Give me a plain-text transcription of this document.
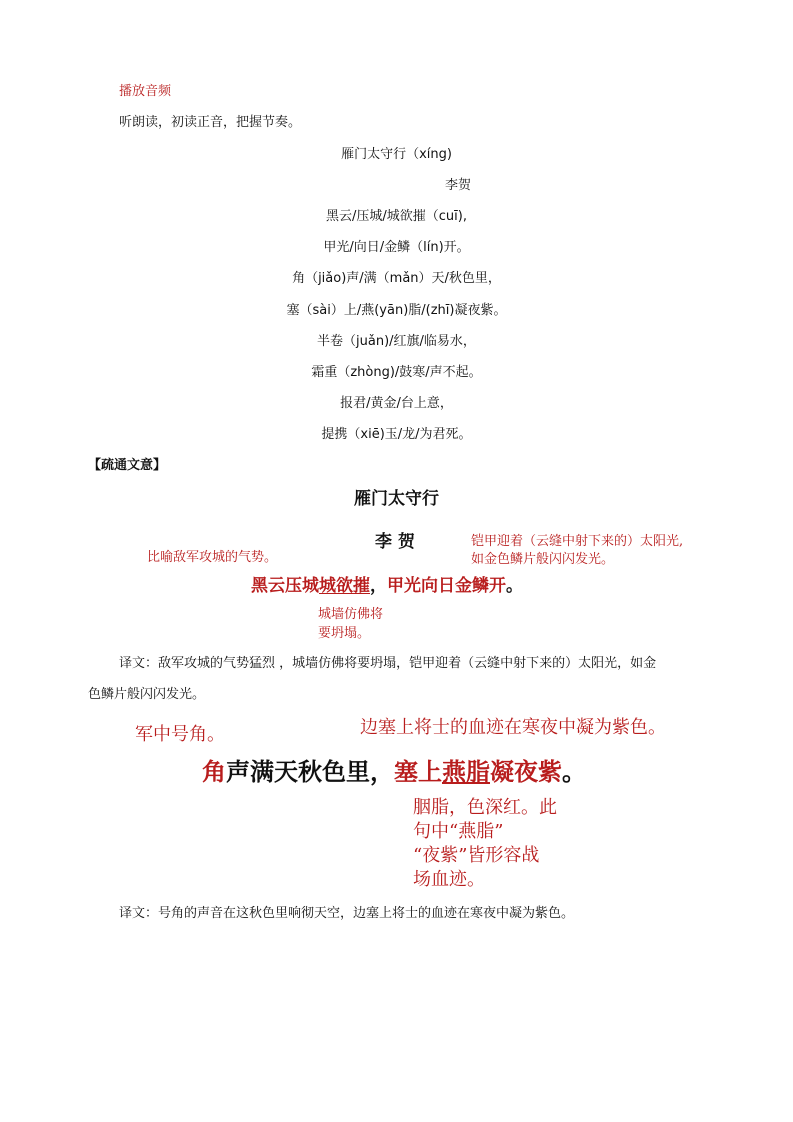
播放音频
听朗读，初读正音，把握节奏。
雁门太守行（xíng)
李贺
黑云/压城/城欲摧（cuī),
甲光/向日/金鳞（lín)开。
角（jiǎo)声/满（mǎn）天/秋色里，
塞（sài）上/燕(yān)脂/(zhī)凝夜紫。
半卷（juǎn)/红旗/临易水，
霜重（zhòng)/鼓寒/声不起。
报君/黄金/台上意，
提携（xiē)玉/龙/为君死。
【疏通文意】
雁门太守行
李 贺
比喻敌军攻城的气势。
铠甲迎着（云缝中射下来的）太阳光,
如金色鳞片般闪闪发光。
黑云压城城欲摧，甲光向日金鳞开。
城墙仿佛将
要坍塌。
译文：敌军攻城的气势猛烈 ，城墙仿佛将要坍塌，铠甲迎着（云缝中射下来的）太阳光，如金
色鳞片般闪闪发光。
军中号角。	边塞上将士的血迹在寒夜中凝为紫色。
角声满天秋色里，塞上燕脂凝夜紫。
胭脂，色深红。此
句中“燕脂”
“夜紫”皆形容战
场血迹。
译文：号角的声音在这秋色里响彻天空，边塞上将士的血迹在寒夜中凝为紫色。
